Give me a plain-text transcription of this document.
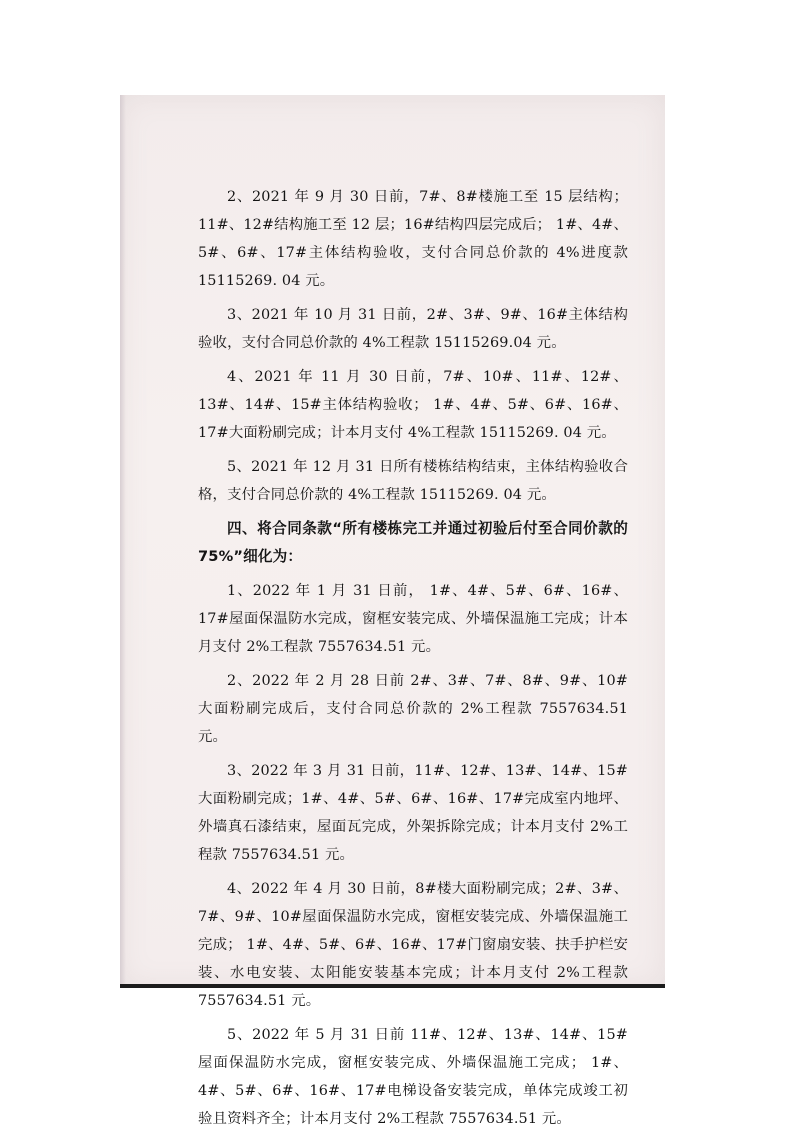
2、2021 年 9 月 30 日前，7#、8#楼施工至 15 层结构；11#、12#结构施工至 12 层；16#结构四层完成后； 1#、4#、5#、6#、17#主体结构验收，支付合同总价款的 4%进度款 15115269. 04 元。

3、2021 年 10 月 31 日前，2#、3#、9#、16#主体结构验收，支付合同总价款的 4%工程款 15115269.04 元。

4、2021 年 11 月 30 日前，7#、10#、11#、12#、13#、14#、15#主体结构验收； 1#、4#、5#、6#、16#、17#大面粉刷完成；计本月支付 4%工程款 15115269. 04 元。

5、2021 年 12 月 31 日所有楼栋结构结束，主体结构验收合格，支付合同总价款的 4%工程款 15115269. 04 元。

四、将合同条款“所有楼栋完工并通过初验后付至合同价款的 75%”细化为：

1、2022 年 1 月 31 日前， 1#、4#、5#、6#、16#、17#屋面保温防水完成，窗框安装完成、外墙保温施工完成；计本月支付 2%工程款 7557634.51 元。

2、2022 年 2 月 28 日前 2#、3#、7#、8#、9#、10#大面粉刷完成后，支付合同总价款的 2%工程款 7557634.51 元。

3、2022 年 3 月 31 日前，11#、12#、13#、14#、15#大面粉刷完成；1#、4#、5#、6#、16#、17#完成室内地坪、外墙真石漆结束，屋面瓦完成，外架拆除完成；计本月支付 2%工程款 7557634.51 元。

4、2022 年 4 月 30 日前，8#楼大面粉刷完成；2#、3#、7#、9#、10#屋面保温防水完成，窗框安装完成、外墙保温施工完成； 1#、4#、5#、6#、16#、17#门窗扇安装、扶手护栏安装、水电安装、太阳能安装基本完成；计本月支付 2%工程款 7557634.51 元。

5、2022 年 5 月 31 日前 11#、12#、13#、14#、15#屋面保温防水完成，窗框安装完成、外墙保温施工完成； 1#、4#、5#、6#、16#、17#电梯设备安装完成，单体完成竣工初验且资料齐全；计本月支付 2%工程款 7557634.51 元。
